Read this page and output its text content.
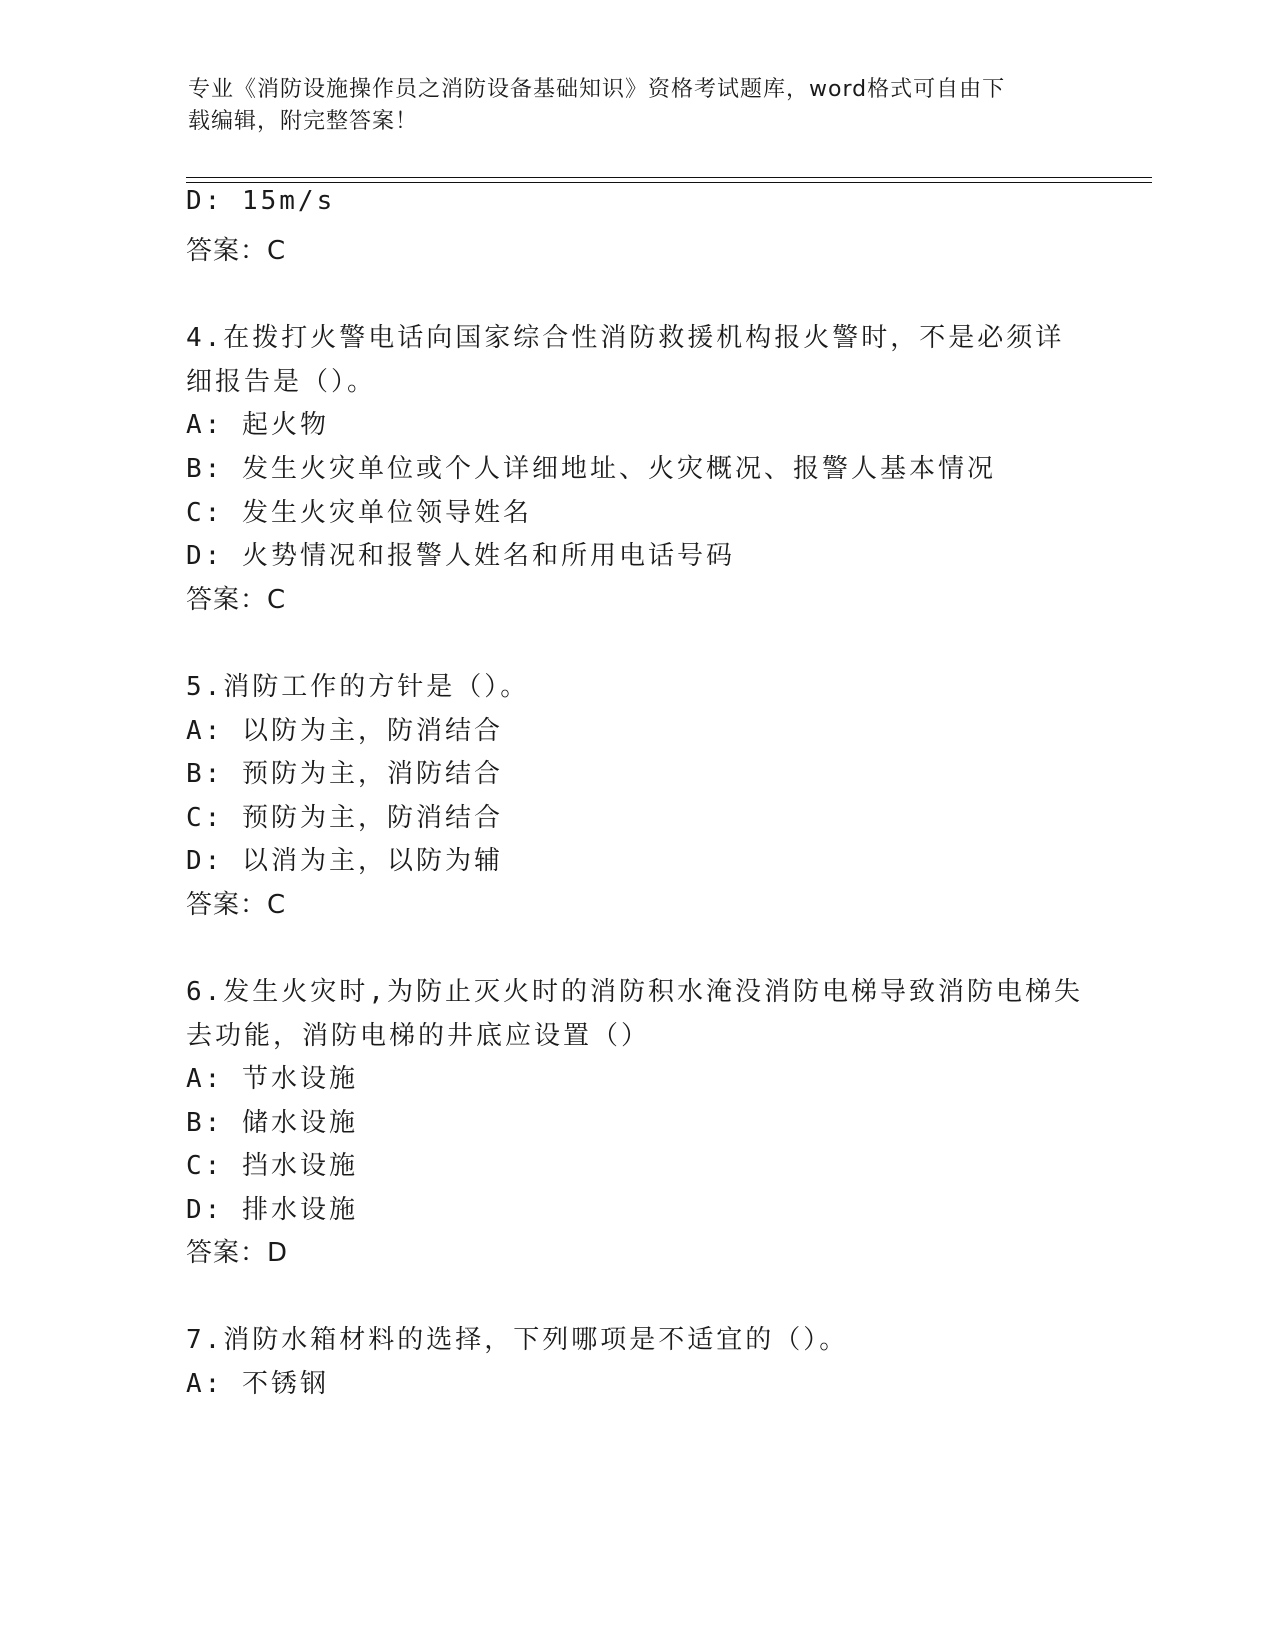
专业《消防设施操作员之消防设备基础知识》资格考试题库，word格式可自由下
载编辑，附完整答案！
D: 15m/s
答案：C
4.在拨打火警电话向国家综合性消防救援机构报火警时，不是必须详
细报告是（）。
A: 起火物
B: 发生火灾单位或个人详细地址、火灾概况、报警人基本情况
C: 发生火灾单位领导姓名
D: 火势情况和报警人姓名和所用电话号码
答案：C
5.消防工作的方针是（）。
A: 以防为主，防消结合
B: 预防为主，消防结合
C: 预防为主，防消结合
D: 以消为主，以防为辅
答案：C
6.发生火灾时,为防止灭火时的消防积水淹没消防电梯导致消防电梯失
去功能，消防电梯的井底应设置（）
A: 节水设施
B: 储水设施
C: 挡水设施
D: 排水设施
答案：D
7.消防水箱材料的选择，下列哪项是不适宜的（）。
A: 不锈钢
